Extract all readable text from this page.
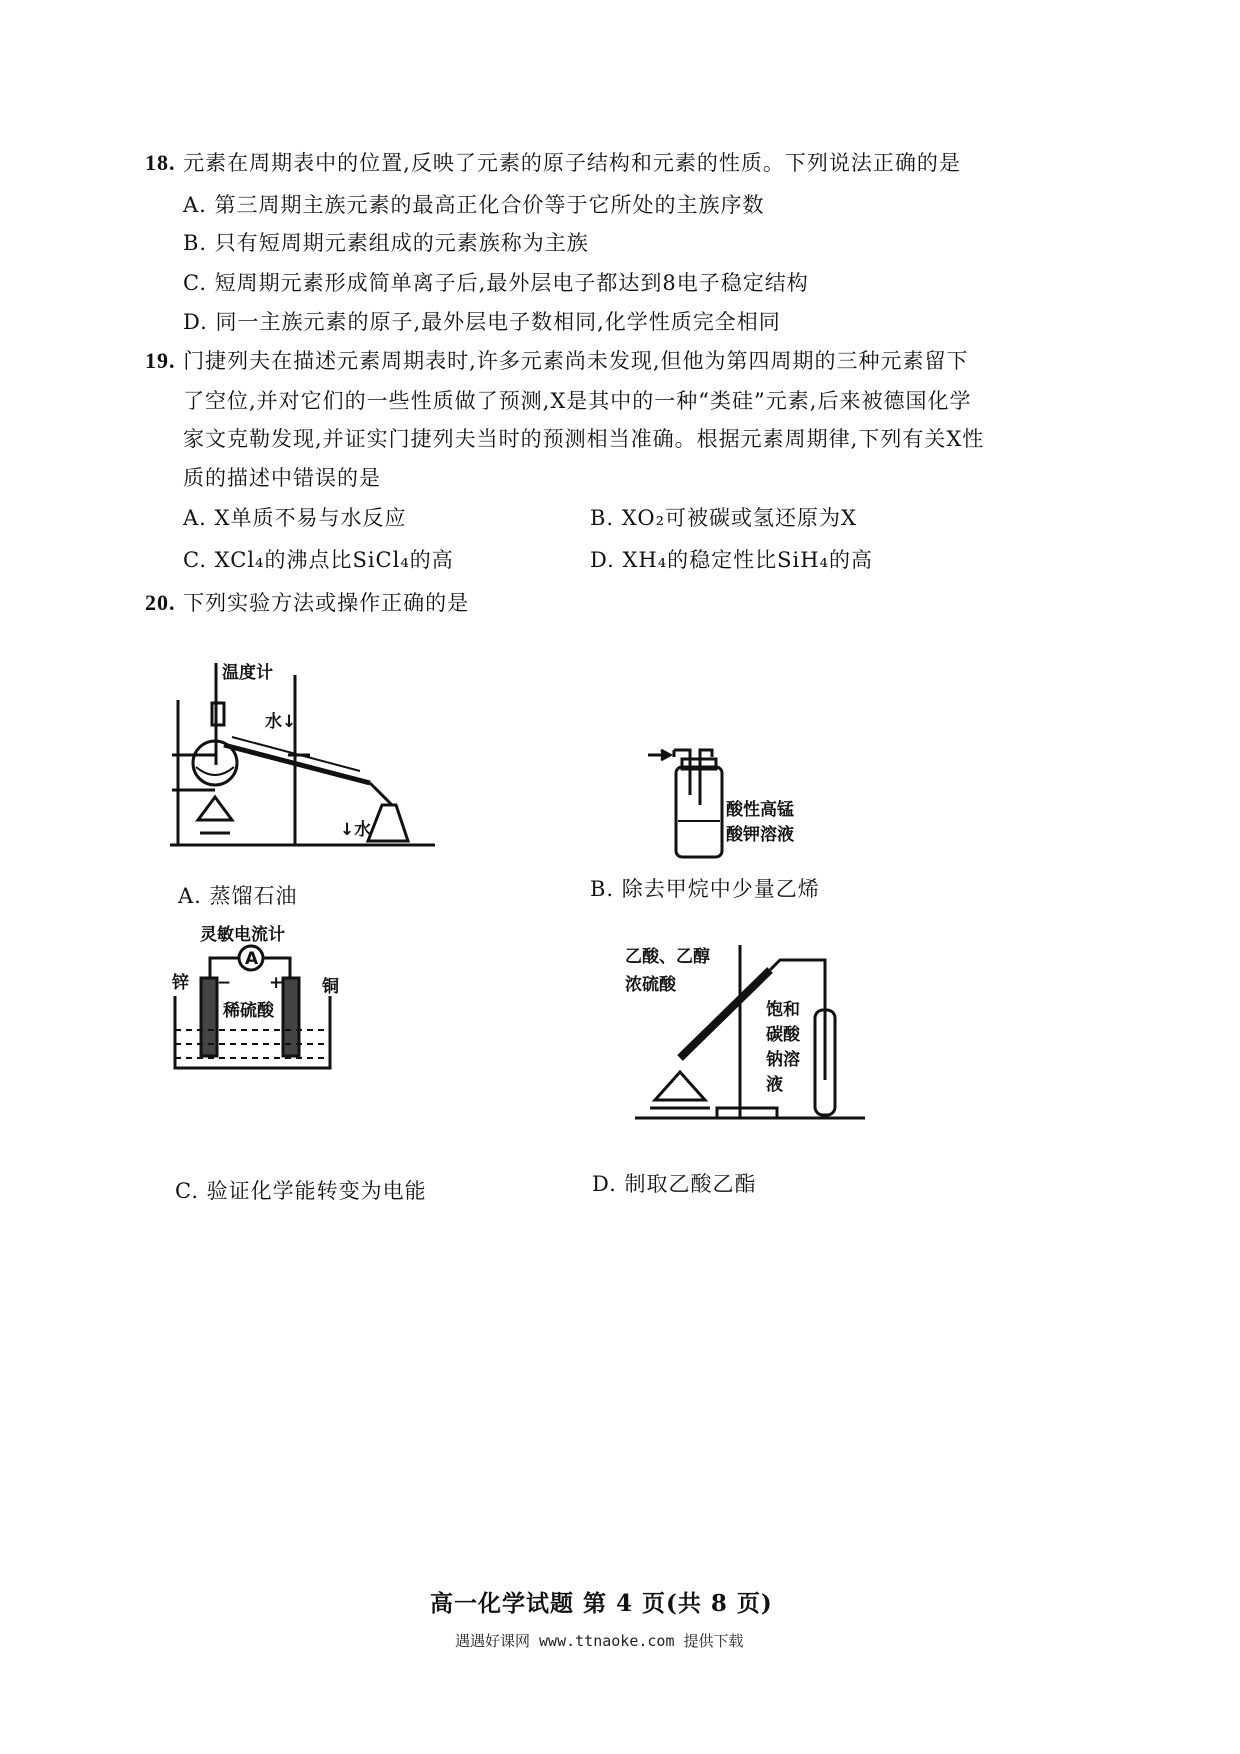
18. 元素在周期表中的位置,反映了元素的原子结构和元素的性质。下列说法正确的是
A. 第三周期主族元素的最高正化合价等于它所处的主族序数
B. 只有短周期元素组成的元素族称为主族
C. 短周期元素形成简单离子后,最外层电子都达到8电子稳定结构
D. 同一主族元素的原子,最外层电子数相同,化学性质完全相同
19. 门捷列夫在描述元素周期表时,许多元素尚未发现,但他为第四周期的三种元素留下
了空位,并对它们的一些性质做了预测,X是其中的一种“类硅”元素,后来被德国化学
家文克勒发现,并证实门捷列夫当时的预测相当准确。根据元素周期律,下列有关X性
质的描述中错误的是
A. X单质不易与水反应	B. XO₂可被碳或氢还原为X
C. XCl₄的沸点比SiCl₄的高	D. XH₄的稳定性比SiH₄的高
20. 下列实验方法或操作正确的是
温度计
水↓
↓水
A. 蒸馏石油
酸性高锰
酸钾溶液
B. 除去甲烷中少量乙烯
A
− +
稀硫酸
灵敏电流计
锌	铜
C. 验证化学能转变为电能
乙酸、乙醇
浓硫酸
饱和
碳酸
钠溶
液
D. 制取乙酸乙酯
高一化学试题 第 4 页(共 8 页)
遇遇好课网 www.ttnaoke.com 提供下载
